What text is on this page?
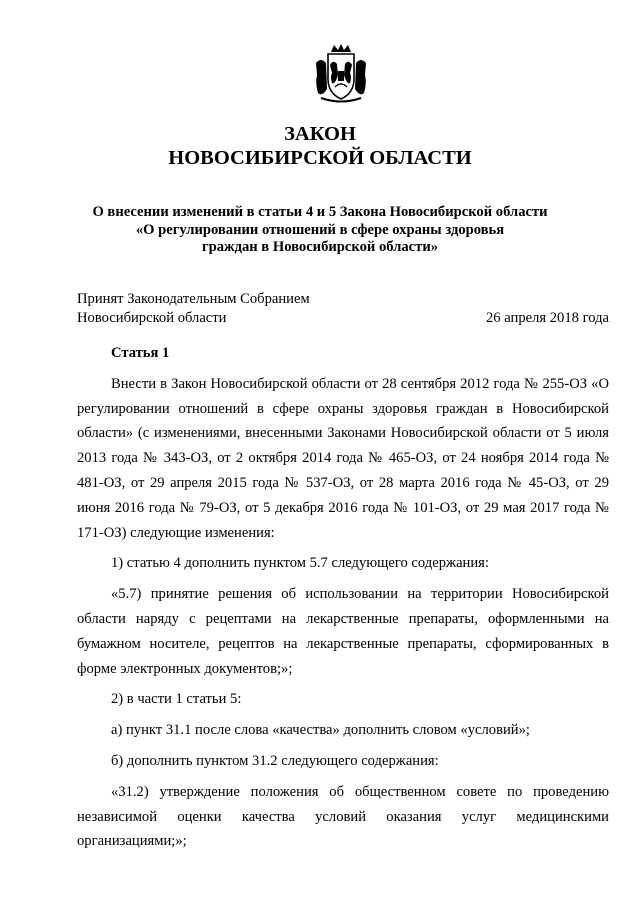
ЗАКОН
НОВОСИБИРСКОЙ ОБЛАСТИ
О внесении изменений в статьи 4 и 5 Закона Новосибирской области
«О регулировании отношений в сфере охраны здоровья
граждан в Новосибирской области»
Принят Законодательным Собранием
Новосибирской области	26 апреля 2018 года

Статья 1

Внести в Закон Новосибирской области от 28 сентября 2012 года № 255-ОЗ «О регулировании отношений в сфере охраны здоровья граждан в Новосибирской области» (с изменениями, внесенными Законами Новосибирской области от 5 июля 2013 года № 343-ОЗ, от 2 октября 2014 года № 465-ОЗ, от 24 ноября 2014 года № 481-ОЗ, от 29 апреля 2015 года № 537-ОЗ, от 28 марта 2016 года № 45-ОЗ, от 29 июня 2016 года № 79-ОЗ, от 5 декабря 2016 года № 101-ОЗ, от 29 мая 2017 года № 171-ОЗ) следующие изменения:

1) статью 4 дополнить пунктом 5.7 следующего содержания:

«5.7) принятие решения об использовании на территории Новосибирской области наряду с рецептами на лекарственные препараты, оформленными на бумажном носителе, рецептов на лекарственные препараты, сформированных в форме электронных документов;»;

2) в части 1 статьи 5:

а) пункт 31.1 после слова «качества» дополнить словом «условий»;

б) дополнить пунктом 31.2 следующего содержания:

«31.2) утверждение положения об общественном совете по проведению независимой оценки качества условий оказания услуг медицинскими организациями;»;
